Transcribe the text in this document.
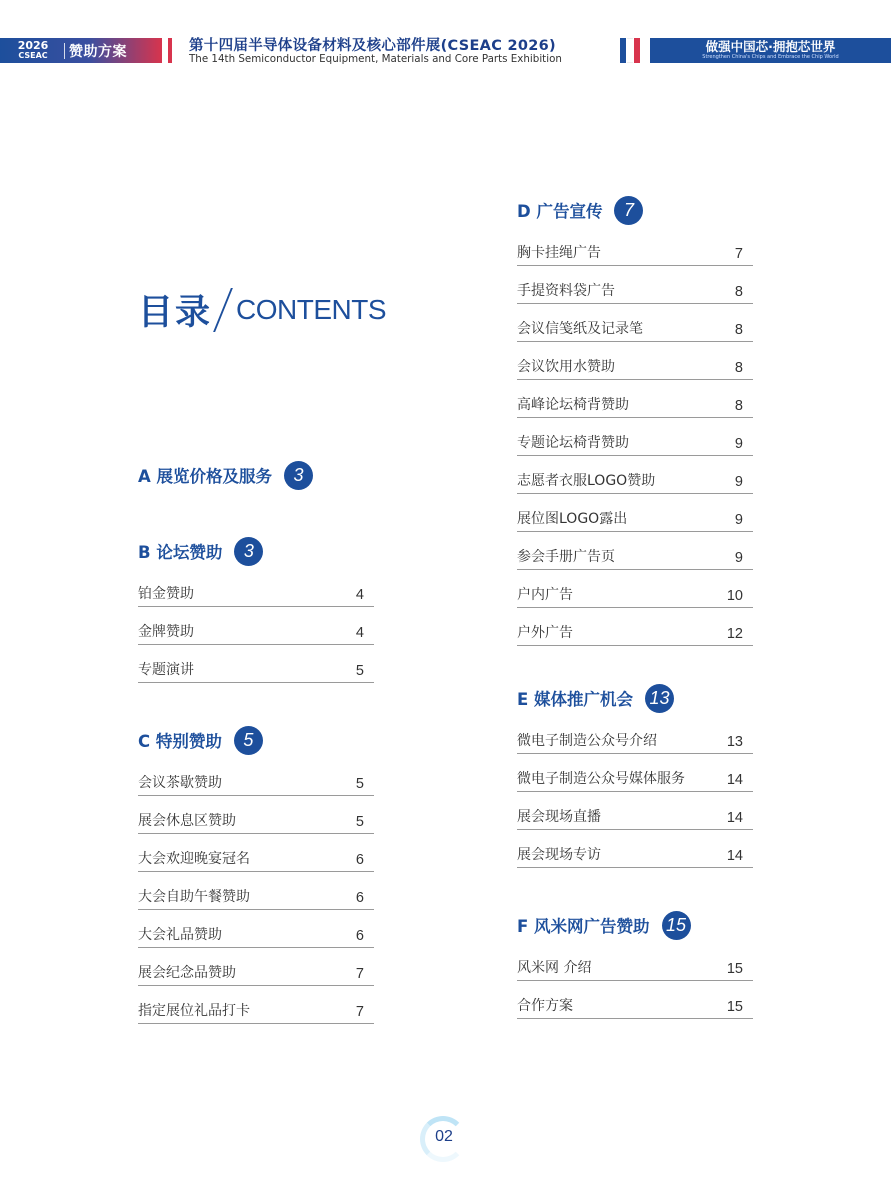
2026
CSEAC	赞助方案	第十四届半导体设备材料及核心部件展(CSEAC 2026)
The 14th Semiconductor Equipment, Materials and Core Parts Exhibition
做强中国芯·拥抱芯世界
Strengthen China's Chips and Embrace the Chip World
目录 CONTENTS
A 展览价格及服务	3
B 论坛赞助	3
铂金赞助	4
金牌赞助	4
专题演讲	5
C 特别赞助	5
会议茶歇赞助	5
展会休息区赞助	5
大会欢迎晚宴冠名	6
大会自助午餐赞助	6
大会礼品赞助	6
展会纪念品赞助	7
指定展位礼品打卡	7
D 广告宣传	7
胸卡挂绳广告	7
手提资料袋广告	8
会议信笺纸及记录笔	8
会议饮用水赞助	8
高峰论坛椅背赞助	8
专题论坛椅背赞助	9
志愿者衣服LOGO赞助	9
展位图LOGO露出	9
参会手册广告页	9
户内广告	10
户外广告	12
E 媒体推广机会 13
微电子制造公众号介绍	13
微电子制造公众号媒体服务	14
展会现场直播	14
展会现场专访	14
F 风米网广告赞助 15
风米网 介绍	15
合作方案	15
02
